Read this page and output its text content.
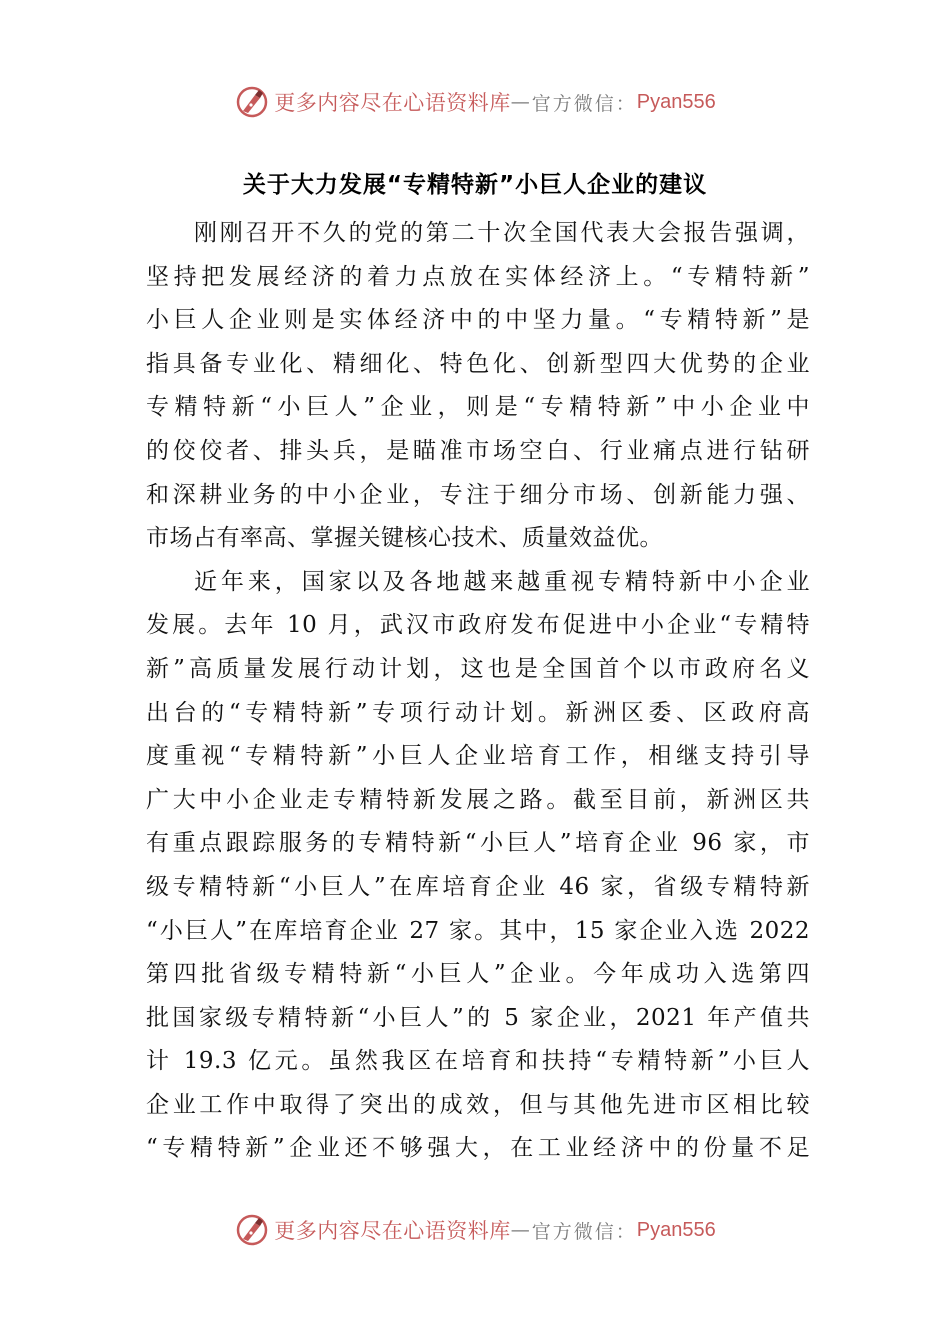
更多内容尽在心语资料库 — 官方微信： Pyan556
关于大力发展“专精特新”小巨人企业的建议
刚刚召开不久的党的第二十次全国代表大会报告强调，
坚持把发展经济的着力点放在实体经济上。“专精特新”
小巨人企业则是实体经济中的中坚力量。“专精特新”是
指具备专业化、精细化、特色化、创新型四大优势的企业
专精特新“小巨人”企业，则是“专精特新”中小企业中
的佼佼者、排头兵，是瞄准市场空白、行业痛点进行钻研
和深耕业务的中小企业，专注于细分市场、创新能力强、
市场占有率高、掌握关键核心技术、质量效益优。
近年来，国家以及各地越来越重视专精特新中小企业
发展。去年 10 月，武汉市政府发布促进中小企业“专精特
新”高质量发展行动计划，这也是全国首个以市政府名义
出台的“专精特新”专项行动计划。新洲区委、区政府高
度重视“专精特新”小巨人企业培育工作，相继支持引导
广大中小企业走专精特新发展之路。截至目前，新洲区共
有重点跟踪服务的专精特新“小巨人”培育企业 96 家，市
级专精特新“小巨人”在库培育企业 46 家，省级专精特新
“小巨人”在库培育企业 27 家。其中，15 家企业入选 2022
第四批省级专精特新“小巨人”企业。今年成功入选第四
批国家级专精特新“小巨人”的 5 家企业，2021 年产值共
计 19.3 亿元。虽然我区在培育和扶持“专精特新”小巨人
企业工作中取得了突出的成效，但与其他先进市区相比较
“专精特新”企业还不够强大，在工业经济中的份量不足
更多内容尽在心语资料库 — 官方微信： Pyan556
